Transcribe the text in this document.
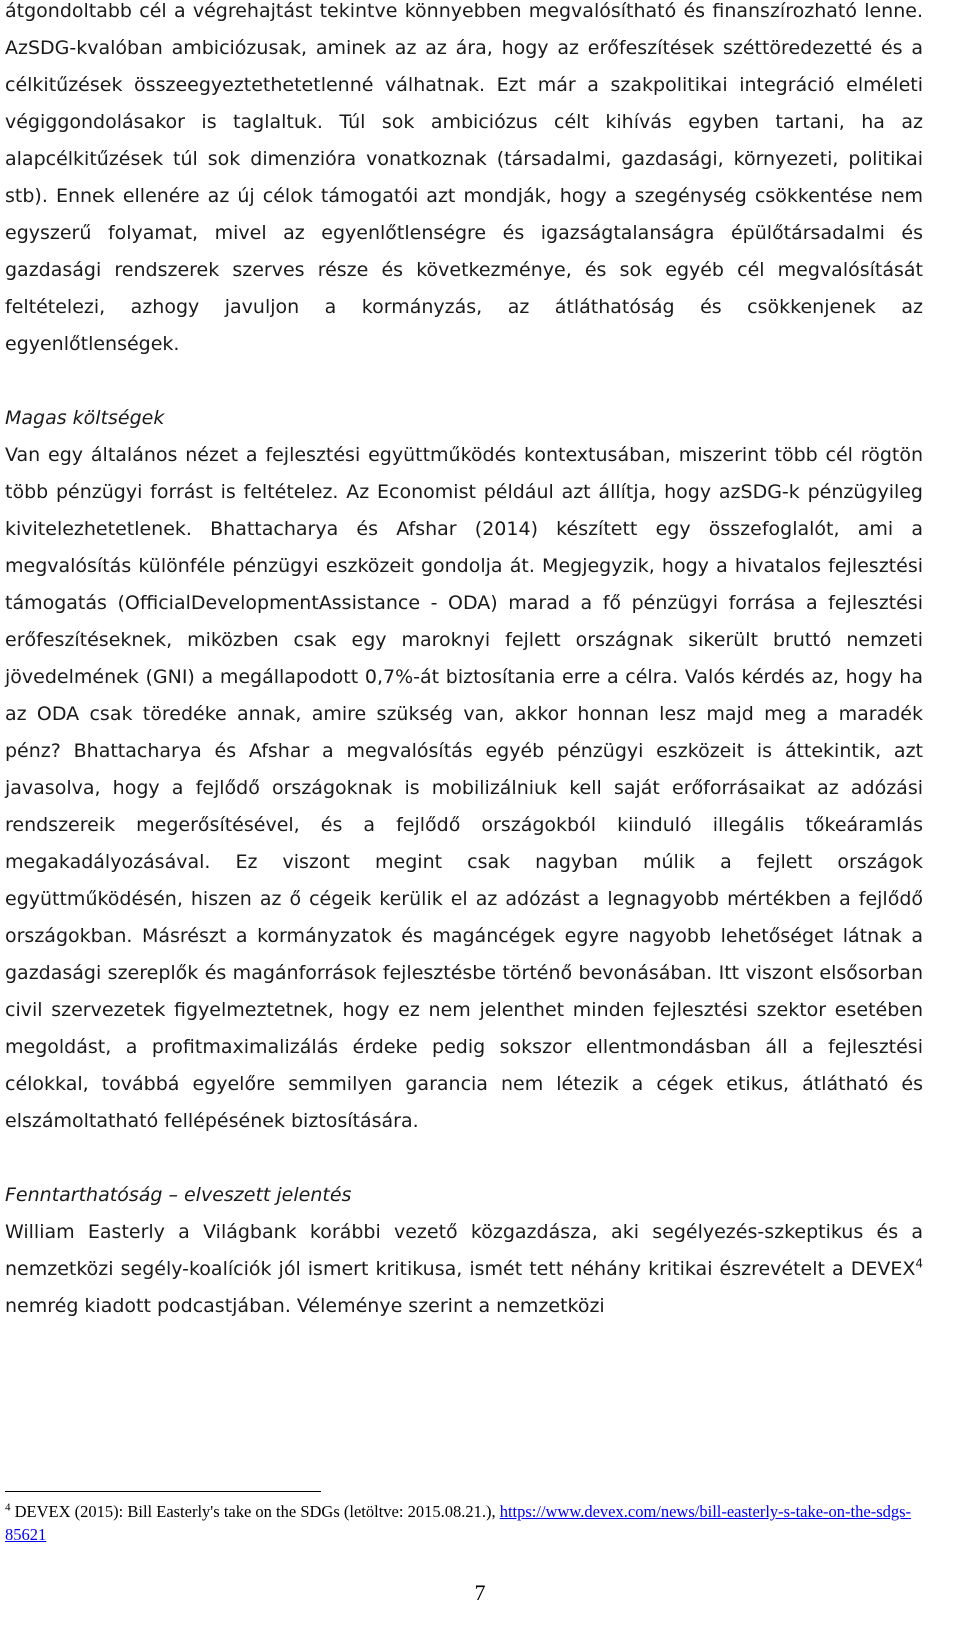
átgondoltabb cél a végrehajtást tekintve könnyebben megvalósítható és finanszírozható lenne. AzSDG-kvalóban ambiciózusak, aminek az az ára, hogy az erőfeszítések széttöredezetté és a célkitűzések összeegyeztethetetlenné válhatnak. Ezt már a szakpolitikai integráció elméleti végiggondolásakor is taglaltuk. Túl sok ambiciózus célt kihívás egyben tartani, ha az alapcélkitűzések túl sok dimenzióra vonatkoznak (társadalmi, gazdasági, környezeti, politikai stb). Ennek ellenére az új célok támogatói azt mondják, hogy a szegénység csökkentése nem egyszerű folyamat, mivel az egyenlőtlenségre és igazságtalanságra épülőtársadalmi és gazdasági rendszerek szerves része és következménye, és sok egyéb cél megvalósítását feltételezi, azhogy javuljon a kormányzás, az átláthatóság és csökkenjenek az egyenlőtlenségek.

Magas költségek

Van egy általános nézet a fejlesztési együttműködés kontextusában, miszerint több cél rögtön több pénzügyi forrást is feltételez. Az Economist például azt állítja, hogy azSDG-k pénzügyileg kivitelezhetetlenek. Bhattacharya és Afshar (2014) készített egy összefoglalót, ami a megvalósítás különféle pénzügyi eszközeit gondolja át. Megjegyzik, hogy a hivatalos fejlesztési támogatás (OfficialDevelopmentAssistance - ODA) marad a fő pénzügyi forrása a fejlesztési erőfeszítéseknek, miközben csak egy maroknyi fejlett országnak sikerült bruttó nemzeti jövedelmének (GNI) a megállapodott 0,7%-át biztosítania erre a célra. Valós kérdés az, hogy ha az ODA csak töredéke annak, amire szükség van, akkor honnan lesz majd meg a maradék pénz? Bhattacharya és Afshar a megvalósítás egyéb pénzügyi eszközeit is áttekintik, azt javasolva, hogy a fejlődő országoknak is mobilizálniuk kell saját erőforrásaikat az adózási rendszereik megerősítésével, és a fejlődő országokból kiinduló illegális tőkeáramlás megakadályozásával. Ez viszont megint csak nagyban múlik a fejlett országok együttműködésén, hiszen az ő cégeik kerülik el az adózást a legnagyobb mértékben a fejlődő országokban. Másrészt a kormányzatok és magáncégek egyre nagyobb lehetőséget látnak a gazdasági szereplők és magánforrások fejlesztésbe történő bevonásában. Itt viszont elsősorban civil szervezetek figyelmeztetnek, hogy ez nem jelenthet minden fejlesztési szektor esetében megoldást, a profitmaximalizálás érdeke pedig sokszor ellentmondásban áll a fejlesztési célokkal, továbbá egyelőre semmilyen garancia nem létezik a cégek etikus, átlátható és elszámoltatható fellépésének biztosítására.

Fenntarthatóság – elveszett jelentés

William Easterly a Világbank korábbi vezető közgazdásza, aki segélyezés-szkeptikus és a nemzetközi segély-koalíciók jól ismert kritikusa, ismét tett néhány kritikai észrevételt a DEVEX$^4$ nemrég kiadott podcastjában. Véleménye szerint a nemzetközi

$^4$ DEVEX (2015): Bill Easterly's take on the SDGs (letöltve: 2015.08.21.), https://www.devex.com/news/bill-easterly-s-take-on-the-sdgs-85621
7
